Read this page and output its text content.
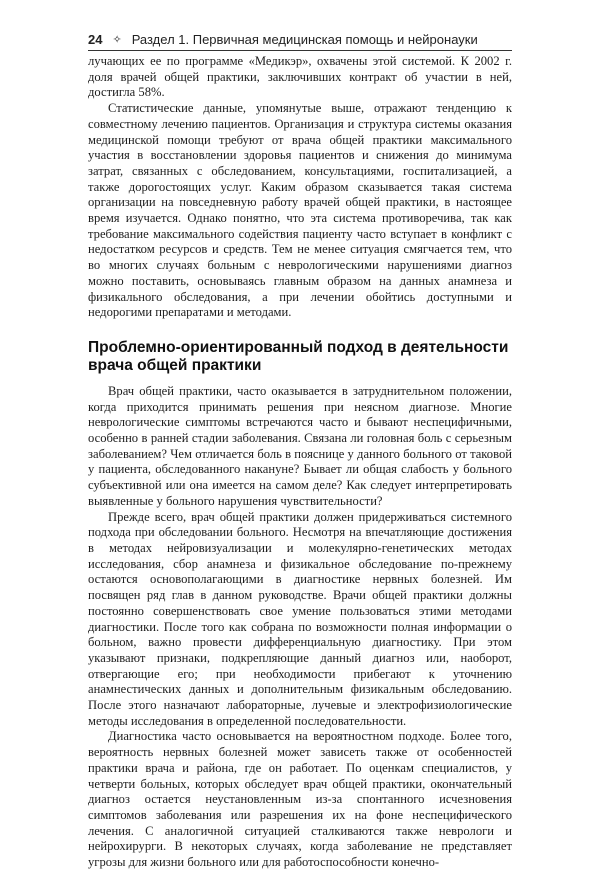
24 ✧ Раздел 1. Первичная медицинская помощь и нейронауки

лучающих ее по программе «Медикэр», охвачены этой системой. К 2002 г. доля врачей общей практики, заключивших контракт об участии в ней, достигла 58%.

Статистические данные, упомянутые выше, отражают тенденцию к совместному лечению пациентов. Организация и структура системы оказания медицинской помощи требуют от врача общей практики максимального участия в восстановлении здоровья пациентов и снижения до минимума затрат, связанных с обследованием, консультациями, госпитализацией, а также дорогостоящих услуг. Каким образом сказывается такая система организации на повседневную работу врачей общей практики, в настоящее время изучается. Однако понятно, что эта система противоречива, так как требование максимального содействия пациенту часто вступает в конфликт с недостатком ресурсов и средств. Тем не менее ситуация смягчается тем, что во многих случаях больным с неврологическими нарушениями диагноз можно поставить, основываясь главным образом на данных анамнеза и физикального обследования, а при лечении обойтись доступными и недорогими препаратами и методами.

Проблемно-ориентированный подход в деятельности врача общей практики

Врач общей практики, часто оказывается в затруднительном положении, когда приходится принимать решения при неясном диагнозе. Многие неврологические симптомы встречаются часто и бывают неспецифичными, особенно в ранней стадии заболевания. Связана ли головная боль с серьезным заболеванием? Чем отличается боль в пояснице у данного больного от таковой у пациента, обследованного накануне? Бывает ли общая слабость у больного субъективной или она имеется на самом деле? Как следует интерпретировать выявленные у больного нарушения чувствительности?

Прежде всего, врач общей практики должен придерживаться системного подхода при обследовании больного. Несмотря на впечатляющие достижения в методах нейровизуализации и молекулярно-генетических методах исследования, сбор анамнеза и физикальное обследование по-прежнему остаются основополагающими в диагностике нервных болезней. Им посвящен ряд глав в данном руководстве. Врачи общей практики должны постоянно совершенствовать свое умение пользоваться этими методами диагностики. После того как собрана по возможности полная информации о больном, важно провести дифференциальную диагностику. При этом указывают признаки, подкрепляющие данный диагноз или, наоборот, отвергающие его; при необходимости прибегают к уточнению анамнестических данных и дополнительным физикальным обследованию. После этого назначают лабораторные, лучевые и электрофизиологические методы исследования в определенной последовательности.

Диагностика часто основывается на вероятностном подходе. Более того, вероятность нервных болезней может зависеть также от особенностей практики врача и района, где он работает. По оценкам специалистов, у четверти больных, которых обследует врач общей практики, окончательный диагноз остается неустановленным из-за спонтанного исчезновения симптомов заболевания или разрешения их на фоне неспецифического лечения. С аналогичной ситуацией сталкиваются также неврологи и нейрохирурги. В некоторых случаях, когда заболевание не представляет угрозы для жизни больного или для работоспособности конечно-
